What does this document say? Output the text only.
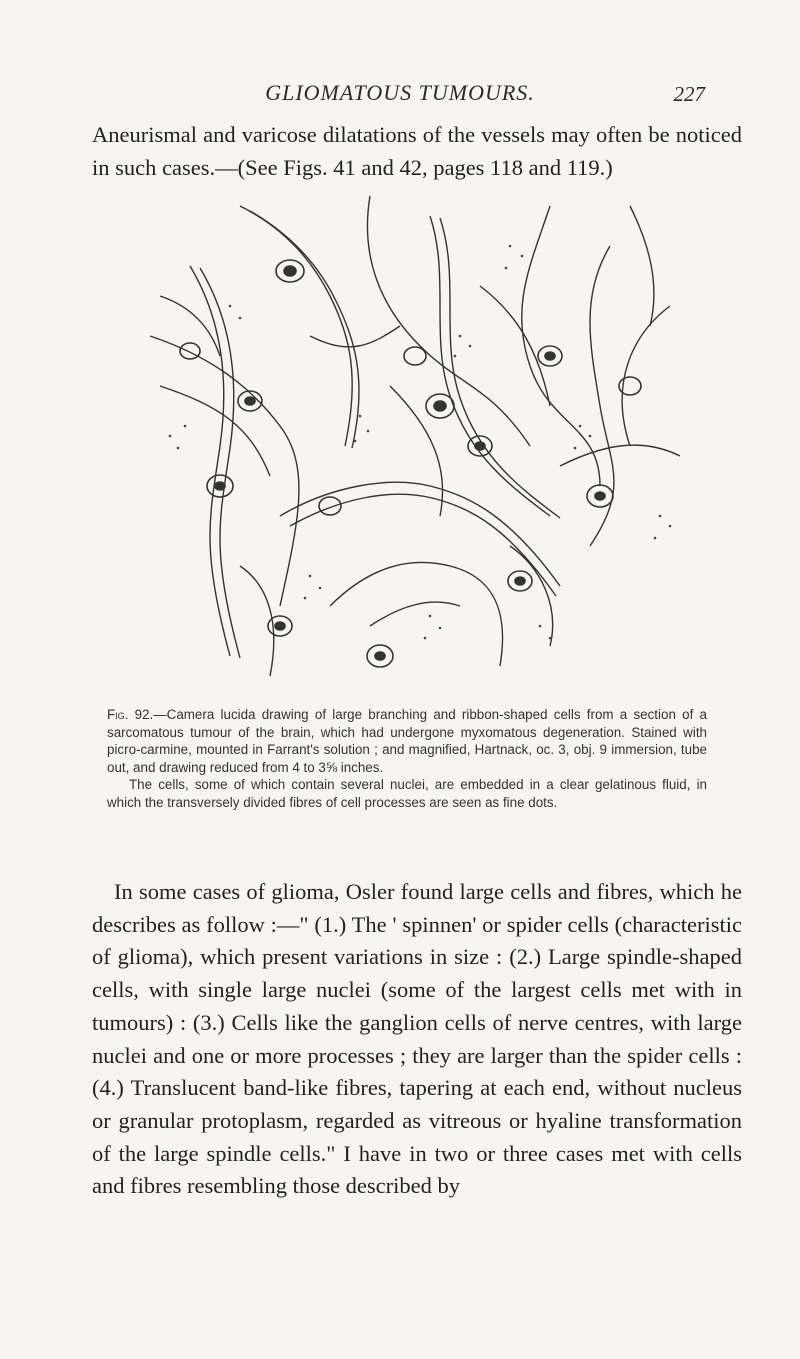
GLIOMATOUS TUMOURS.	227

Aneurismal and varicose dilatations of the vessels may often be noticed in such cases.—(See Figs. 41 and 42, pages 118 and 119.)

Fig. 92.—Camera lucida drawing of large branching and ribbon-shaped cells from a section of a sarcomatous tumour of the brain, which had undergone myxomatous degeneration. Stained with picro-carmine, mounted in Farrant's solution ; and magnified, Hartnack, oc. 3, obj. 9 immersion, tube out, and drawing reduced from 4 to 3⅝ inches.

The cells, some of which contain several nuclei, are embedded in a clear gelatinous fluid, in which the transversely divided fibres of cell processes are seen as fine dots.

In some cases of glioma, Osler found large cells and fibres, which he describes as follow :—" (1.) The ' spinnen' or spider cells (characteristic of glioma), which present variations in size : (2.) Large spindle-shaped cells, with single large nuclei (some of the largest cells met with in tumours) : (3.) Cells like the ganglion cells of nerve centres, with large nuclei and one or more processes ; they are larger than the spider cells : (4.) Translucent band-like fibres, tapering at each end, without nucleus or granular protoplasm, regarded as vitreous or hyaline transformation of the large spindle cells." I have in two or three cases met with cells and fibres resembling those described by
